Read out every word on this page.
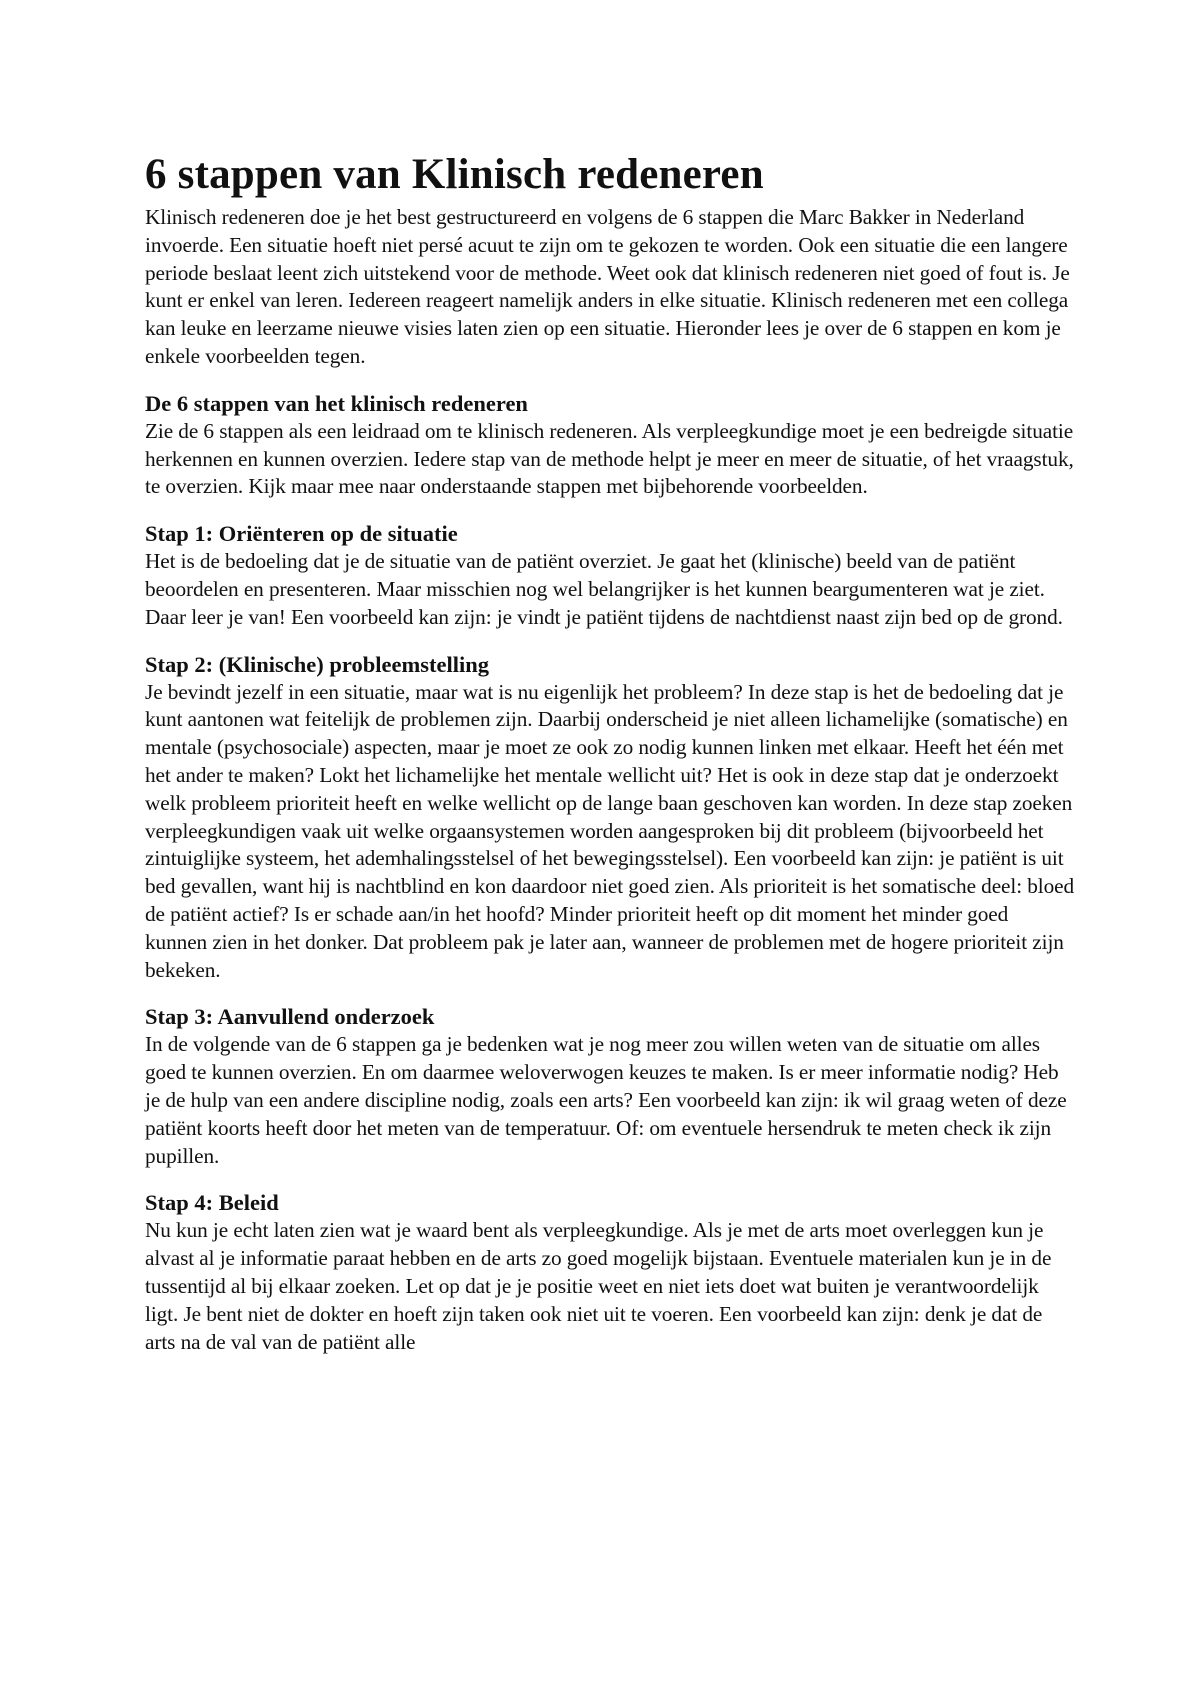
6 stappen van Klinisch redeneren

Klinisch redeneren doe je het best gestructureerd en volgens de 6 stappen die Marc Bakker in Nederland invoerde. Een situatie hoeft niet persé acuut te zijn om te gekozen te worden. Ook een situatie die een langere periode beslaat leent zich uitstekend voor de methode. Weet ook dat klinisch redeneren niet goed of fout is. Je kunt er enkel van leren. Iedereen reageert namelijk anders in elke situatie. Klinisch redeneren met een collega kan leuke en leerzame nieuwe visies laten zien op een situatie. Hieronder lees je over de 6 stappen en kom je enkele voorbeelden tegen.

De 6 stappen van het klinisch redeneren

Zie de 6 stappen als een leidraad om te klinisch redeneren. Als verpleegkundige moet je een bedreigde situatie herkennen en kunnen overzien. Iedere stap van de methode helpt je meer en meer de situatie, of het vraagstuk, te overzien. Kijk maar mee naar onderstaande stappen met bijbehorende voorbeelden.

Stap 1: Oriënteren op de situatie

Het is de bedoeling dat je de situatie van de patiënt overziet. Je gaat het (klinische) beeld van de patiënt beoordelen en presenteren. Maar misschien nog wel belangrijker is het kunnen beargumenteren wat je ziet. Daar leer je van! Een voorbeeld kan zijn: je vindt je patiënt tijdens de nachtdienst naast zijn bed op de grond.

Stap 2: (Klinische) probleemstelling

Je bevindt jezelf in een situatie, maar wat is nu eigenlijk het probleem? In deze stap is het de bedoeling dat je kunt aantonen wat feitelijk de problemen zijn. Daarbij onderscheid je niet alleen lichamelijke (somatische) en mentale (psychosociale) aspecten, maar je moet ze ook zo nodig kunnen linken met elkaar. Heeft het één met het ander te maken? Lokt het lichamelijke het mentale wellicht uit? Het is ook in deze stap dat je onderzoekt welk probleem prioriteit heeft en welke wellicht op de lange baan geschoven kan worden. In deze stap zoeken verpleegkundigen vaak uit welke orgaansystemen worden aangesproken bij dit probleem (bijvoorbeeld het zintuiglijke systeem, het ademhalingsstelsel of het bewegingsstelsel). Een voorbeeld kan zijn: je patiënt is uit bed gevallen, want hij is nachtblind en kon daardoor niet goed zien. Als prioriteit is het somatische deel: bloed de patiënt actief? Is er schade aan/in het hoofd? Minder prioriteit heeft op dit moment het minder goed kunnen zien in het donker. Dat probleem pak je later aan, wanneer de problemen met de hogere prioriteit zijn bekeken.

Stap 3: Aanvullend onderzoek

In de volgende van de 6 stappen ga je bedenken wat je nog meer zou willen weten van de situatie om alles goed te kunnen overzien. En om daarmee weloverwogen keuzes te maken. Is er meer informatie nodig? Heb je de hulp van een andere discipline nodig, zoals een arts? Een voorbeeld kan zijn: ik wil graag weten of deze patiënt koorts heeft door het meten van de temperatuur. Of: om eventuele hersendruk te meten check ik zijn pupillen.

Stap 4: Beleid

Nu kun je echt laten zien wat je waard bent als verpleegkundige. Als je met de arts moet overleggen kun je alvast al je informatie paraat hebben en de arts zo goed mogelijk bijstaan. Eventuele materialen kun je in de tussentijd al bij elkaar zoeken. Let op dat je je positie weet en niet iets doet wat buiten je verantwoordelijk ligt. Je bent niet de dokter en hoeft zijn taken ook niet uit te voeren. Een voorbeeld kan zijn: denk je dat de arts na de val van de patiënt alle
